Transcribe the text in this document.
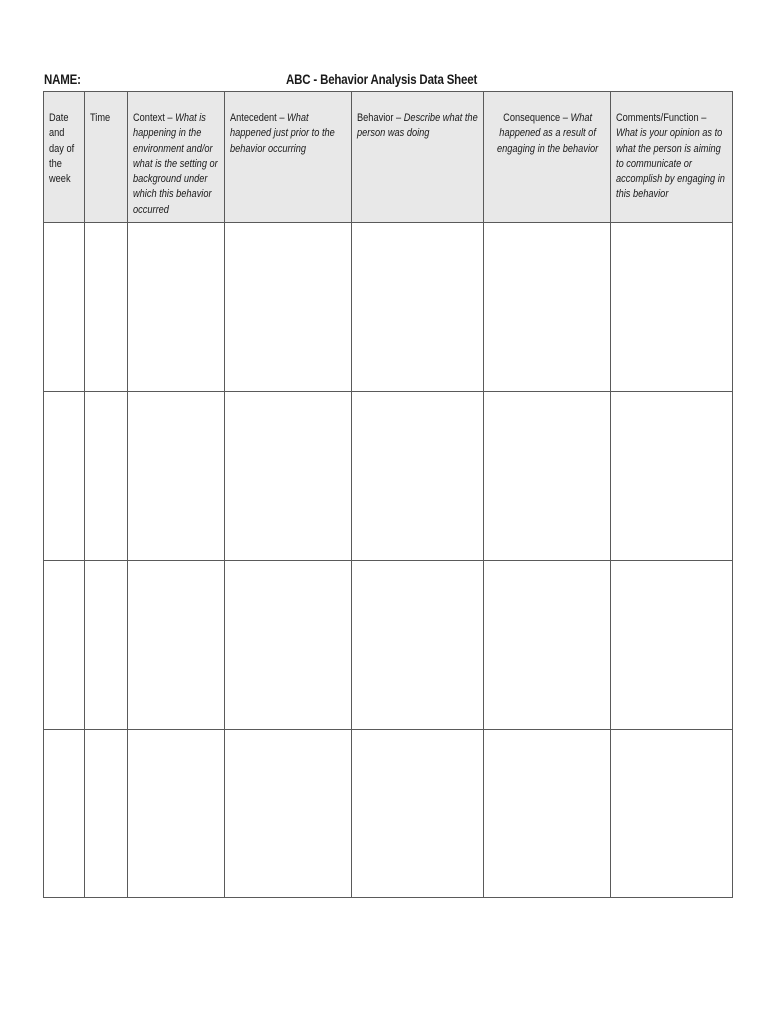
NAME:	ABC - Behavior Analysis Data Sheet
Date and day of the week	Time	Context – What is happening in the environment and/or what is the setting or background under which this behavior occurred	Antecedent – What happened just prior to the behavior occurring	Behavior – Describe what the person was doing	Consequence – What happened as a result of engaging in the behavior	Comments/Function – What is your opinion as to what the person is aiming to communicate or accomplish by engaging in this behavior
